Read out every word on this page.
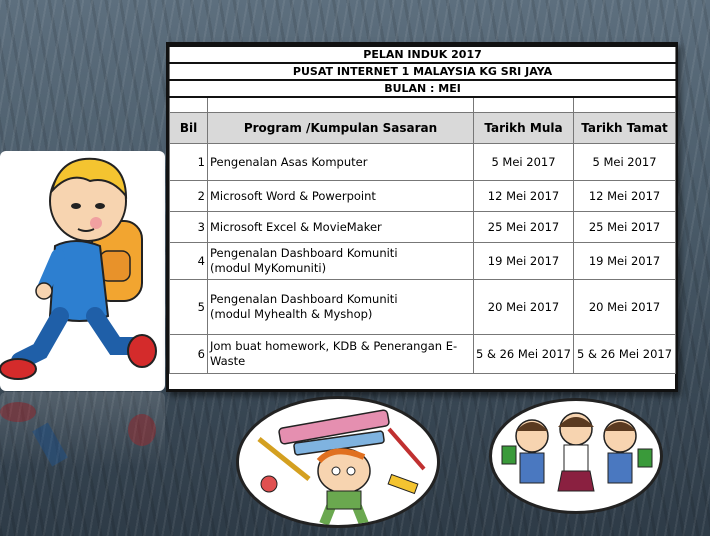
PELAN INDUK 2017			
PUSAT INTERNET 1 MALAYSIA KG SRI JAYA			
BULAN : MEI			

Bil	Program /Kumpulan Sasaran	Tarikh Mula	Tarikh Tamat
1	Pengenalan Asas Komputer	5 Mei 2017	5 Mei 2017
2	Microsoft Word & Powerpoint	12 Mei 2017	12 Mei 2017
3	Microsoft Excel & MovieMaker	25 Mei 2017	25 Mei 2017
4	Pengenalan Dashboard Komuniti
(modul MyKomuniti)	19 Mei 2017	19 Mei 2017
5	Pengenalan Dashboard Komuniti
(modul Myhealth & Myshop)	20 Mei 2017	20 Mei 2017
6	Jom buat homework, KDB & Penerangan E-
Waste	5 & 26 Mei 2017	5 & 26 Mei 2017
